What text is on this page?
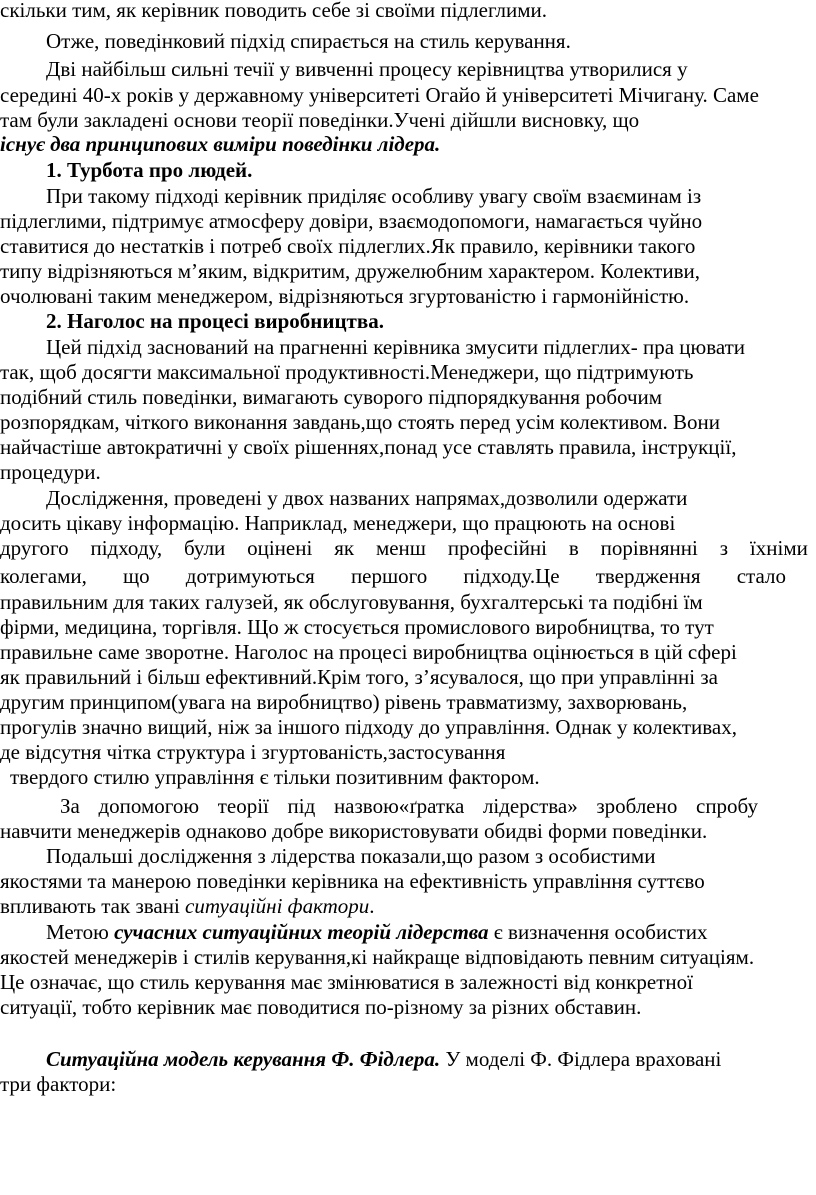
скільки тим, як керівник поводить себе зі своїми підлеглими.
Отже, поведінковий підхід спирається на стиль керування.
Дві найбільш сильні течії у вивченні процесу керівництва утворилися у
середині 40-х років у державному університеті Огайо й університеті Мічигану. Саме
там були закладені основи теорії поведінки.Учені дійшли висновку, що
існує два принципових виміри поведінки лідера.
1. Турбота про людей.
При такому підході керівник приділяє особливу увагу своїм взаєминам із
підлеглими, підтримує атмосферу довіри, взаємодопомоги, намагається чуйно
ставитися до нестатків і потреб своїх підлеглих.Як правило, керівники такого
типу відрізняються м’яким, відкритим, дружелюбним характером. Колективи,
очолювані таким менеджером, відрізняються згуртованістю і гармонійністю.
2. Наголос на процесі виробництва.
Цей підхід заснований на прагненні керівника змусити підлеглих- пра цювати
так, щоб досягти максимальної продуктивності.Менеджери, що підтримують
подібний стиль поведінки, вимагають суворого підпорядкування робочим
розпорядкам, чіткого виконання завдань,що стоять перед усім колективом. Вони
найчастіше автократичні у своїх рішеннях,понад усе ставлять правила, інструкції,
процедури.
Дослідження, проведені у двох названих напрямах,дозволили одержати
досить цікаву інформацію. Наприклад, менеджери, що працюють на основі
другого підходу, були оцінені як менш професійні в порівнянні з їхніми
колегами, що дотримуються першого підходу.Це твердження стало
правильним для таких галузей, як обслуговування, бухгалтерські та подібні їм
фірми, медицина, торгівля. Що ж стосується промислового виробництва, то тут
правильне саме зворотне. Наголос на процесі виробництва оцінюється в цій сфері
як правильний і більш ефективний.Крім того, з’ясувалося, що при управлінні за
другим принципом(увага на виробництво) рівень травматизму, захворювань,
прогулів значно вищий, ніж за іншого підходу до управління. Однак у колективах,
де відсутня чітка структура і згуртованість,застосування
твердого стилю управління є тільки позитивним фактором.
За допомогою теорії під назвою«ґратка лідерства» зроблено спробу
навчити менеджерів однаково добре використовувати обидві форми поведінки.
Подальші дослідження з лідерства показали,що разом з особистими
якостями та манерою поведінки керівника на ефективність управління суттєво
впливають так звані ситуаційні фактори.
Метою сучасних ситуаційних теорій лідерства є визначення особистих
якостей менеджерів і стилів керування,кі найкраще відповідають певним ситуаціям.
Це означає, що стиль керування має змінюватися в залежності від конкретної
ситуації, тобто керівник має поводитися по-різному за різних обставин.
Ситуаційна модель керування Ф. Фідлера. У моделі Ф. Фідлера враховані
три фактори:
